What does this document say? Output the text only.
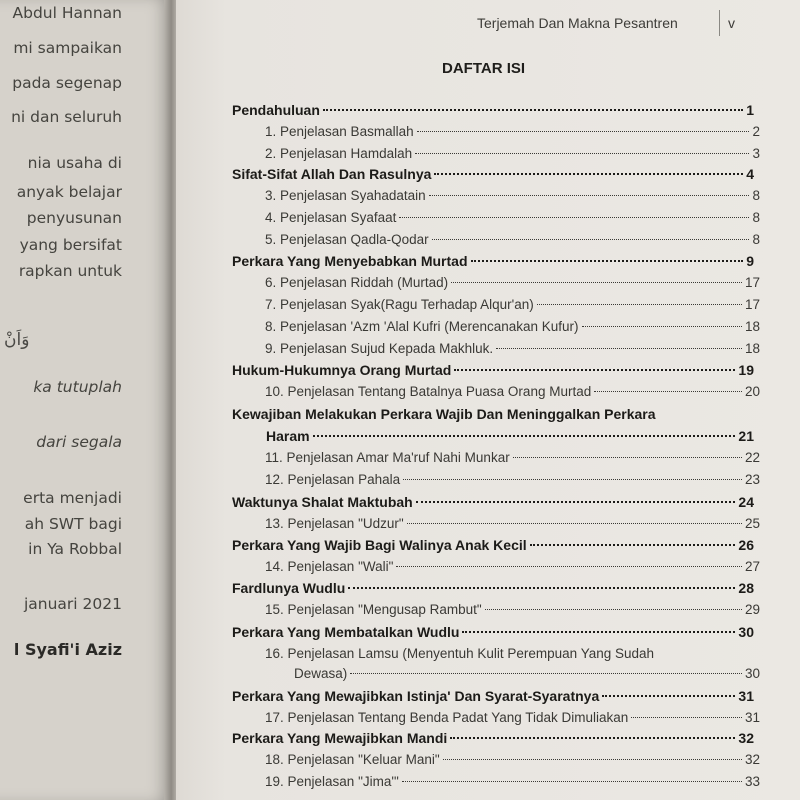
Abdul Hannan
mi sampaikan
pada segenap
ni dan seluruh
nia usaha di
anyak belajar
penyusunan
yang bersifat
rapkan untuk
وَاَنْ
ka tutuplah
dari segala
erta menjadi
ah SWT bagi
in Ya Robbal
januari 2021
l Syafi'i Aziz
Terjemah Dan Makna Pesantren	v
DAFTAR ISI
Pendahuluan	1
1. Penjelasan Basmallah	2
2. Penjelasan Hamdalah	3
Sifat-Sifat Allah Dan Rasulnya	4
3. Penjelasan Syahadatain	8
4. Penjelasan Syafaat	8
5. Penjelasan Qadla-Qodar	8
Perkara Yang Menyebabkan Murtad	9
6. Penjelasan Riddah (Murtad)	17
7. Penjelasan Syak(Ragu Terhadap Alqur'an)	17
8. Penjelasan 'Azm 'Alal Kufri (Merencanakan Kufur)	18
9. Penjelasan Sujud Kepada Makhluk.	18
Hukum-Hukumnya Orang Murtad	19
10. Penjelasan Tentang Batalnya Puasa Orang Murtad	20
Kewajiban Melakukan Perkara Wajib Dan Meninggalkan Perkara
Haram	21
11. Penjelasan Amar Ma'ruf Nahi Munkar	22
12. Penjelasan Pahala	23
Waktunya Shalat Maktubah	24
13. Penjelasan "Udzur"	25
Perkara Yang Wajib Bagi Walinya Anak Kecil	26
14. Penjelasan "Wali"	27
Fardlunya Wudlu	28
15. Penjelasan "Mengusap Rambut"	29
Perkara Yang Membatalkan Wudlu	30
16. Penjelasan Lamsu (Menyentuh Kulit Perempuan Yang Sudah
Dewasa)	30
Perkara Yang Mewajibkan Istinja' Dan Syarat-Syaratnya	31
17. Penjelasan Tentang Benda Padat Yang Tidak Dimuliakan	31
Perkara Yang Mewajibkan Mandi	32
18. Penjelasan "Keluar Mani"	32
19. Penjelasan "Jima'"	33
